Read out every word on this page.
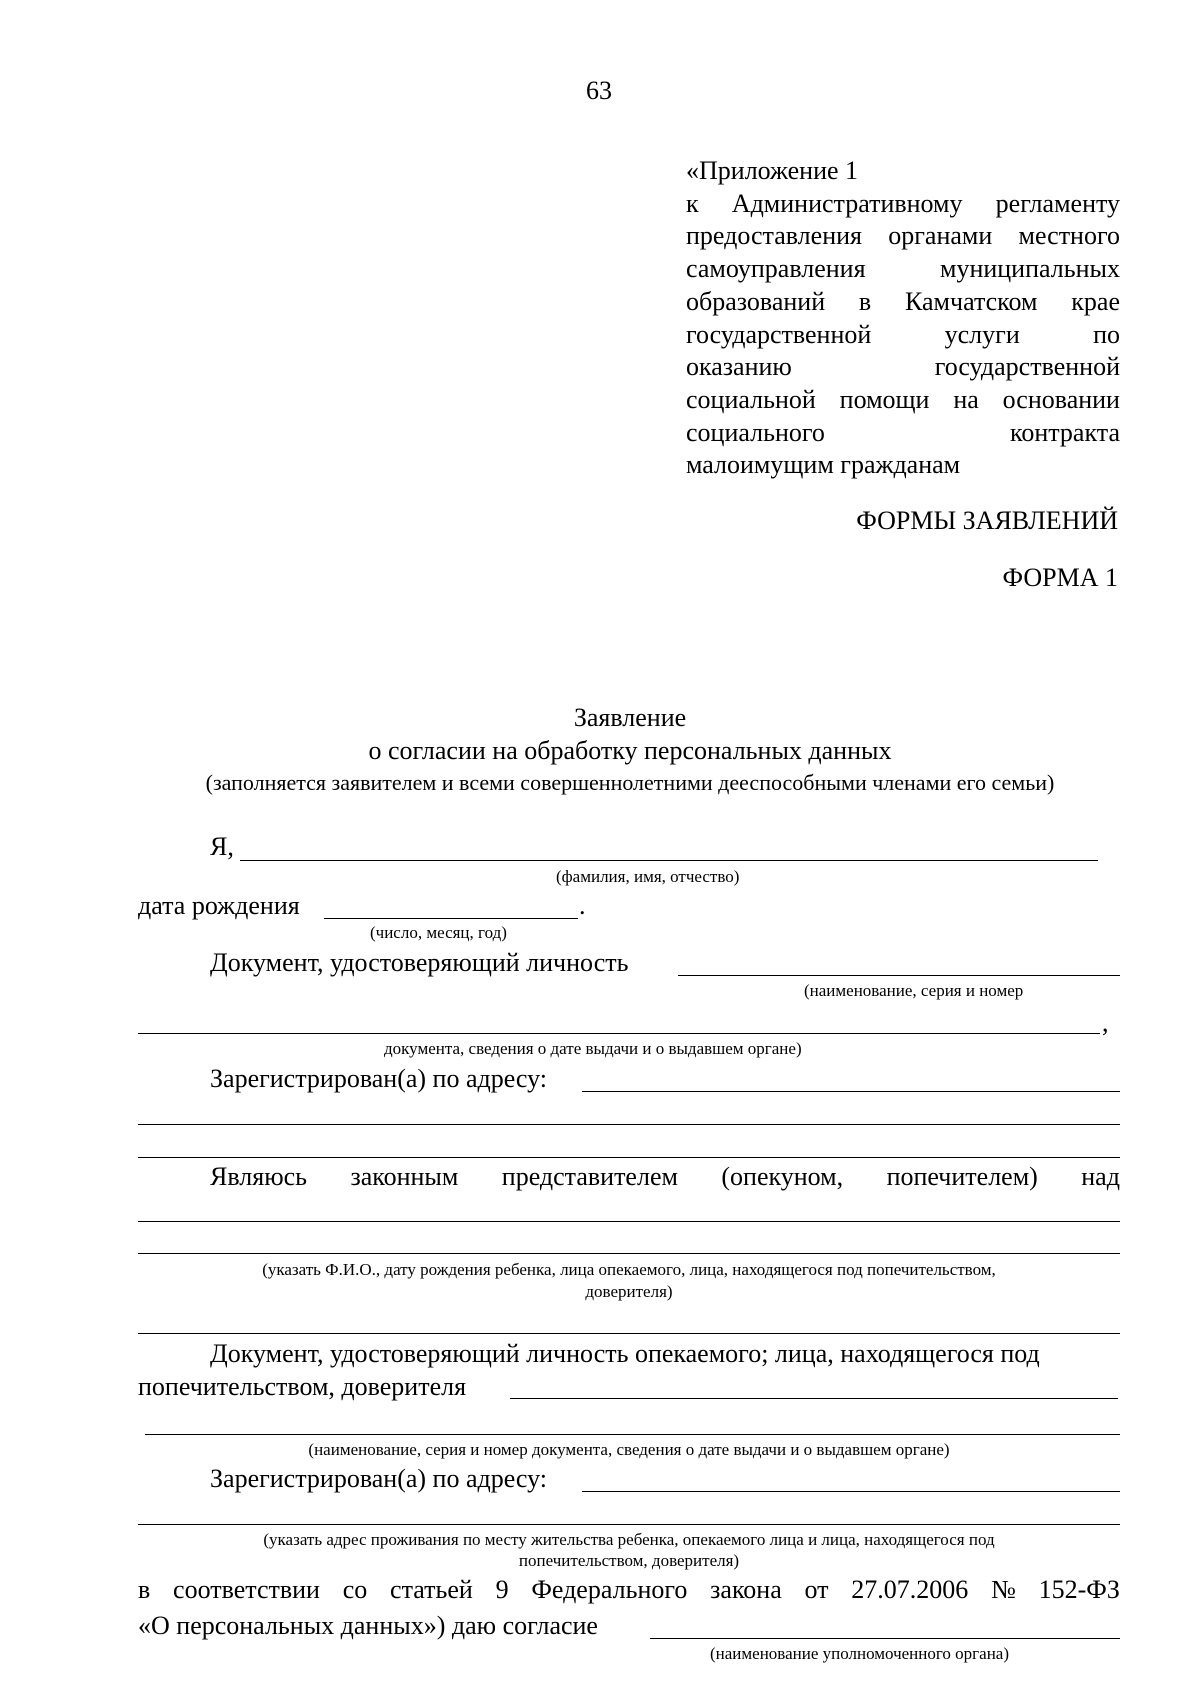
63
«Приложение 1
к Административному регламенту
предоставления органами местного
самоуправления	муниципальных
образований в Камчатском крае
государственной	услуги	по
оказанию	государственной
социальной помощи на основании
социального	контракта
малоимущим гражданам
ФОРМЫ ЗАЯВЛЕНИЙ
ФОРМА 1
Заявление
о согласии на обработку персональных данных
(заполняется заявителем и всеми совершеннолетними дееспособными членами его семьи)
Я,
(фамилия, имя, отчество)
дата рождения	.
(число, месяц, год)
Документ, удостоверяющий личность
(наименование, серия и номер
,
документа, сведения о дате выдачи и о выдавшем органе)
Зарегистрирован(а) по адресу:
Являюсь законным представителем (опекуном, попечителем) над
(указать Ф.И.О., дату рождения ребенка, лица опекаемого, лица, находящегося под попечительством,
доверителя)
Документ, удостоверяющий личность опекаемого; лица, находящегося под
попечительством, доверителя
(наименование, серия и номер документа, сведения о дате выдачи и о выдавшем органе)
Зарегистрирован(а) по адресу:
(указать адрес проживания по месту жительства ребенка, опекаемого лица и лица, находящегося под
попечительством, доверителя)
в соответствии со статьей 9 Федерального закона от 27.07.2006 № 152-ФЗ
«О персональных данных») даю согласие
(наименование уполномоченного органа)
